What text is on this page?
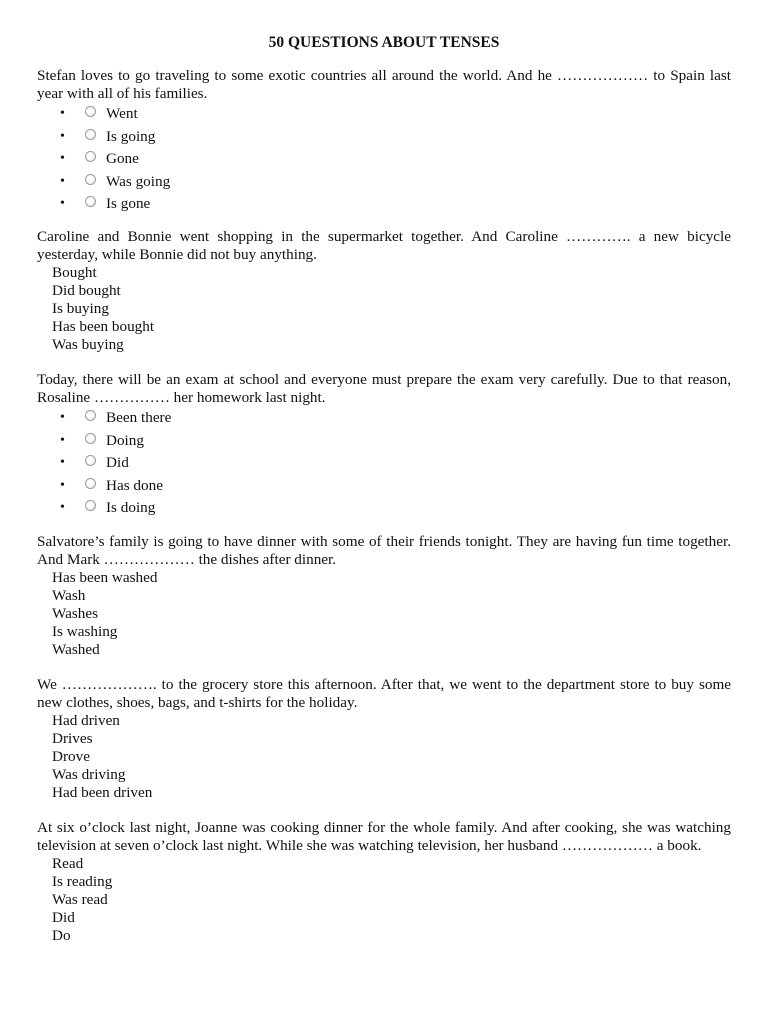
50 QUESTIONS ABOUT TENSES
Stefan loves to go traveling to some exotic countries all around the world. And he ……………… to Spain last year with all of his families.
•	Went
•	Is going
•	Gone
•	Was going
•	Is gone
Caroline and Bonnie went shopping in the supermarket together. And Caroline …………. a new bicycle yesterday, while Bonnie did not buy anything.
Bought
Did bought
Is buying
Has been bought
Was buying
Today, there will be an exam at school and everyone must prepare the exam very carefully. Due to that reason, Rosaline …………… her homework last night.
•	Been there
•	Doing
•	Did
•	Has done
•	Is doing
Salvatore’s family is going to have dinner with some of their friends tonight. They are having fun time together. And Mark ……………… the dishes after dinner.
Has been washed
Wash
Washes
Is washing
Washed
We ………………. to the grocery store this afternoon. After that, we went to the department store to buy some new clothes, shoes, bags, and t-shirts for the holiday.
Had driven
Drives
Drove
Was driving
Had been driven
At six o’clock last night, Joanne was cooking dinner for the whole family. And after cooking, she was watching television at seven o’clock last night. While she was watching television, her husband ……………… a book.
Read
Is reading
Was read
Did
Do
